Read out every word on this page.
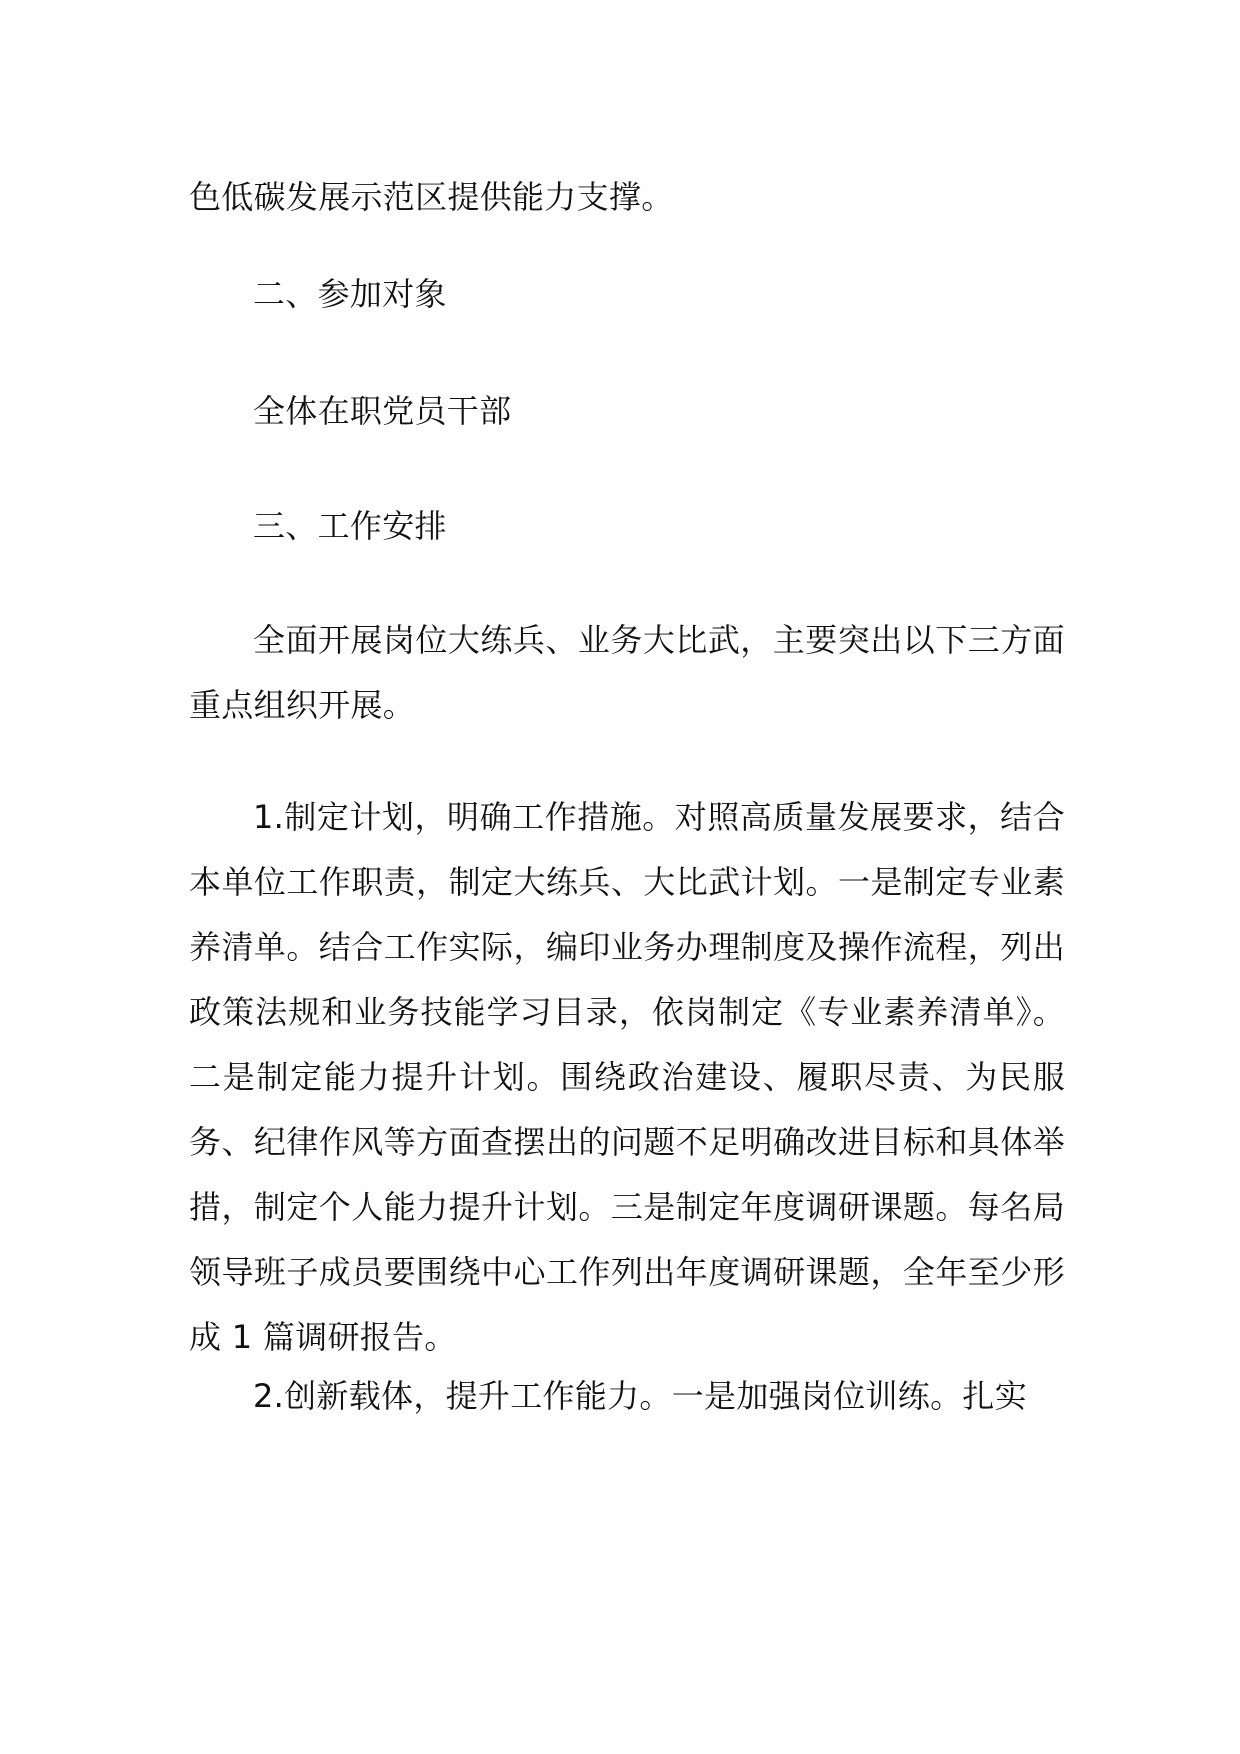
色低碳发展示范区提供能力支撑。

二、参加对象

全体在职党员干部

三、工作安排

全面开展岗位大练兵、业务大比武，主要突出以下三方面重点组织开展。

1.制定计划，明确工作措施。对照高质量发展要求，结合本单位工作职责，制定大练兵、大比武计划。一是制定专业素养清单。结合工作实际，编印业务办理制度及操作流程，列出政策法规和业务技能学习目录，依岗制定《专业素养清单》。二是制定能力提升计划。围绕政治建设、履职尽责、为民服务、纪律作风等方面查摆出的问题不足明确改进目标和具体举措，制定个人能力提升计划。三是制定年度调研课题。每名局领导班子成员要围绕中心工作列出年度调研课题，全年至少形成 1 篇调研报告。

2.创新载体，提升工作能力。一是加强岗位训练。扎实
